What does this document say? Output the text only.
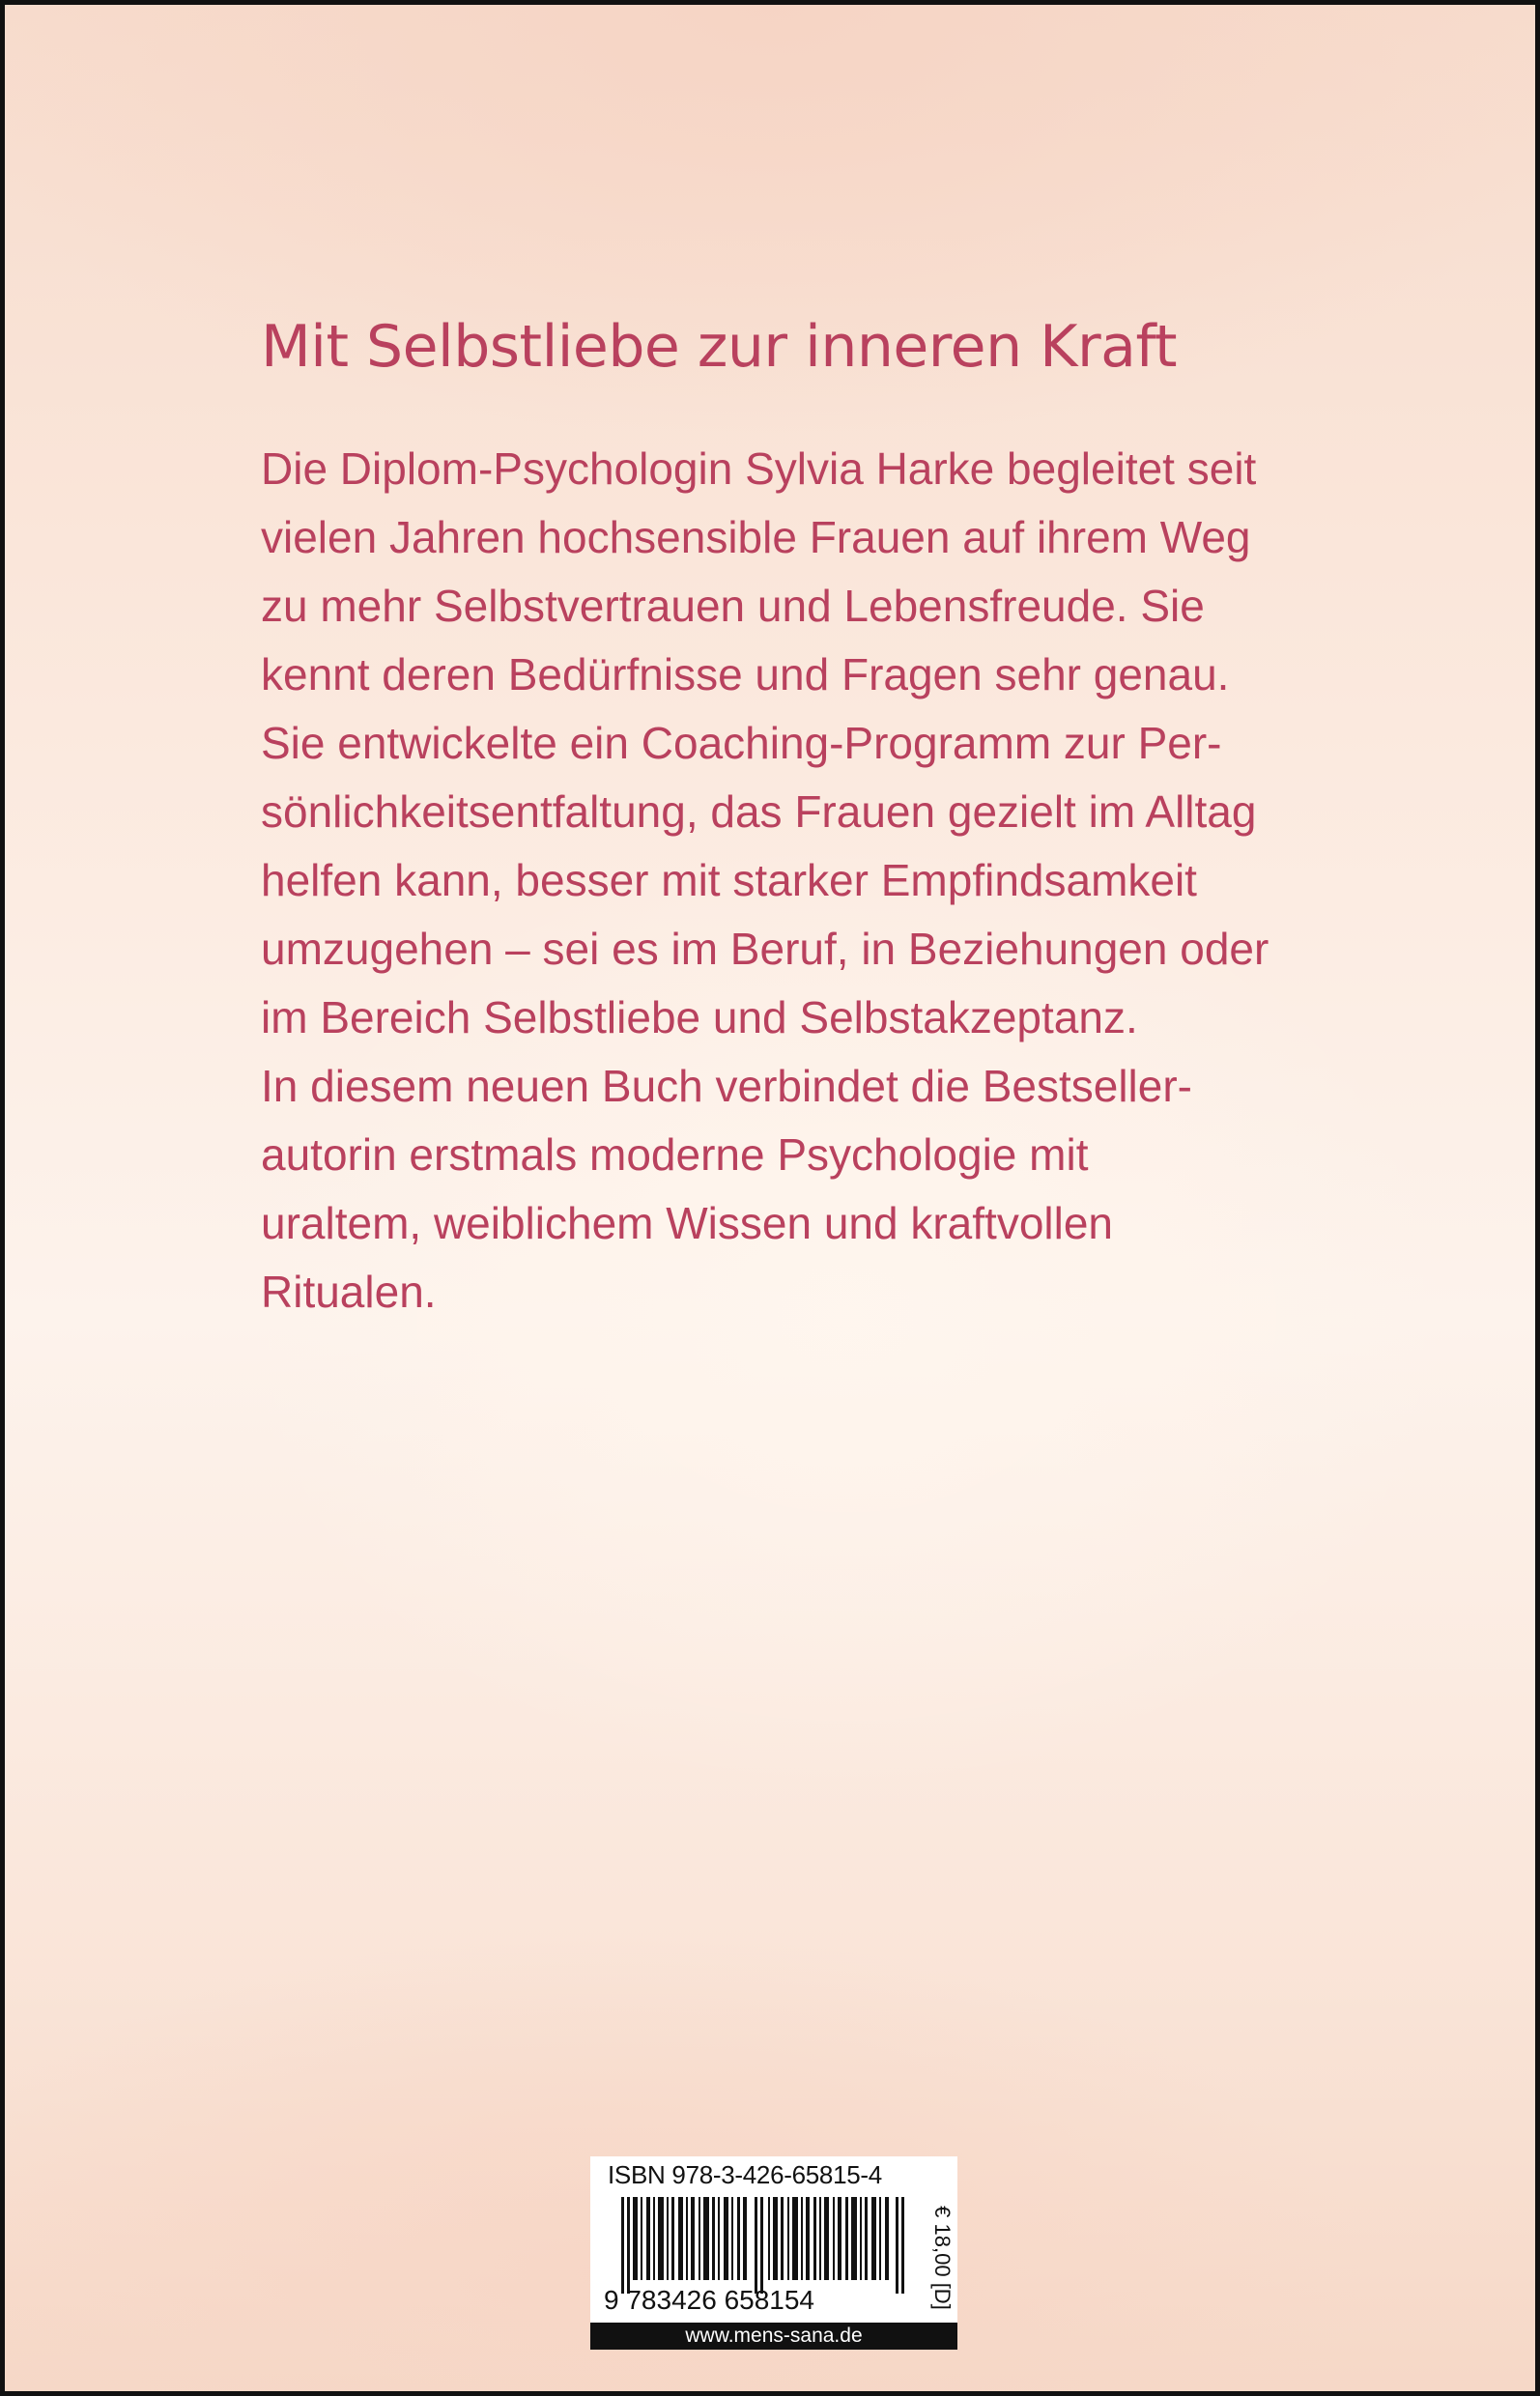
Mit Selbstliebe zur inneren Kraft
Die Diplom-Psychologin Sylvia Harke begleitet seit
vielen Jahren hochsensible Frauen auf ihrem Weg
zu mehr Selbstvertrauen und Lebensfreude. Sie
kennt deren Bedürfnisse und Fragen sehr genau.
Sie entwickelte ein Coaching-Programm zur Per-
sönlichkeitsentfaltung, das Frauen gezielt im Alltag
helfen kann, besser mit starker Empfindsamkeit
umzugehen – sei es im Beruf, in Beziehungen oder
im Bereich Selbstliebe und Selbstakzeptanz.
In diesem neuen Buch verbindet die Bestseller-
autorin erstmals moderne Psychologie mit
uraltem, weiblichem Wissen und kraftvollen
Ritualen.
ISBN 978-3-426-65815-4
9 783426 658154	€ 18,00 [D]
www.mens-sana.de
